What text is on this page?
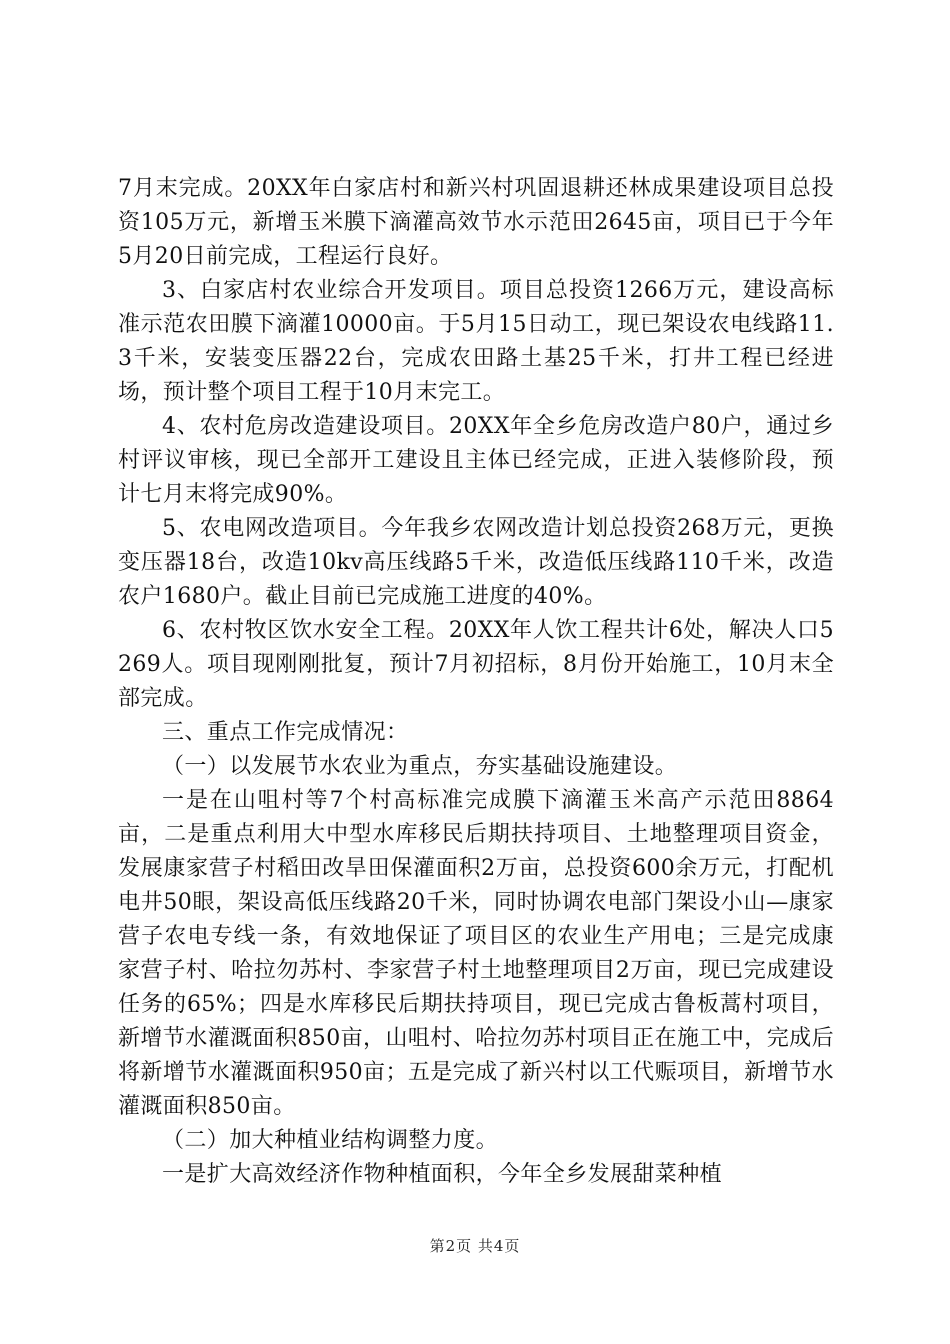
7月末完成。20XX年白家店村和新兴村巩固退耕还林成果建设项目总投资105万元，新增玉米膜下滴灌高效节水示范田2645亩，项目已于今年5月20日前完成，工程运行良好。

3、白家店村农业综合开发项目。项目总投资1266万元，建设高标准示范农田膜下滴灌10000亩。于5月15日动工，现已架设农电线路11.3千米，安装变压器22台，完成农田路土基25千米，打井工程已经进场，预计整个项目工程于10月末完工。

4、农村危房改造建设项目。20XX年全乡危房改造户80户，通过乡村评议审核，现已全部开工建设且主体已经完成，正进入装修阶段，预计七月末将完成90%。

5、农电网改造项目。今年我乡农网改造计划总投资268万元，更换变压器18台，改造10kv高压线路5千米，改造低压线路110千米，改造农户1680户。截止目前已完成施工进度的40%。

6、农村牧区饮水安全工程。20XX年人饮工程共计6处，解决人口5269人。项目现刚刚批复，预计7月初招标，8月份开始施工，10月末全部完成。

三、重点工作完成情况：

（一）以发展节水农业为重点，夯实基础设施建设。

一是在山咀村等7个村高标准完成膜下滴灌玉米高产示范田8864亩，二是重点利用大中型水库移民后期扶持项目、土地整理项目资金，发展康家营子村稻田改旱田保灌面积2万亩，总投资600余万元，打配机电井50眼，架设高低压线路20千米，同时协调农电部门架设小山—康家营子农电专线一条，有效地保证了项目区的农业生产用电；三是完成康家营子村、哈拉勿苏村、李家营子村土地整理项目2万亩，现已完成建设任务的65%；四是水库移民后期扶持项目，现已完成古鲁板蒿村项目，新增节水灌溉面积850亩，山咀村、哈拉勿苏村项目正在施工中，完成后将新增节水灌溉面积950亩；五是完成了新兴村以工代赈项目，新增节水灌溉面积850亩。

（二）加大种植业结构调整力度。

一是扩大高效经济作物种植面积，今年全乡发展甜菜种植

第2页 共4页
